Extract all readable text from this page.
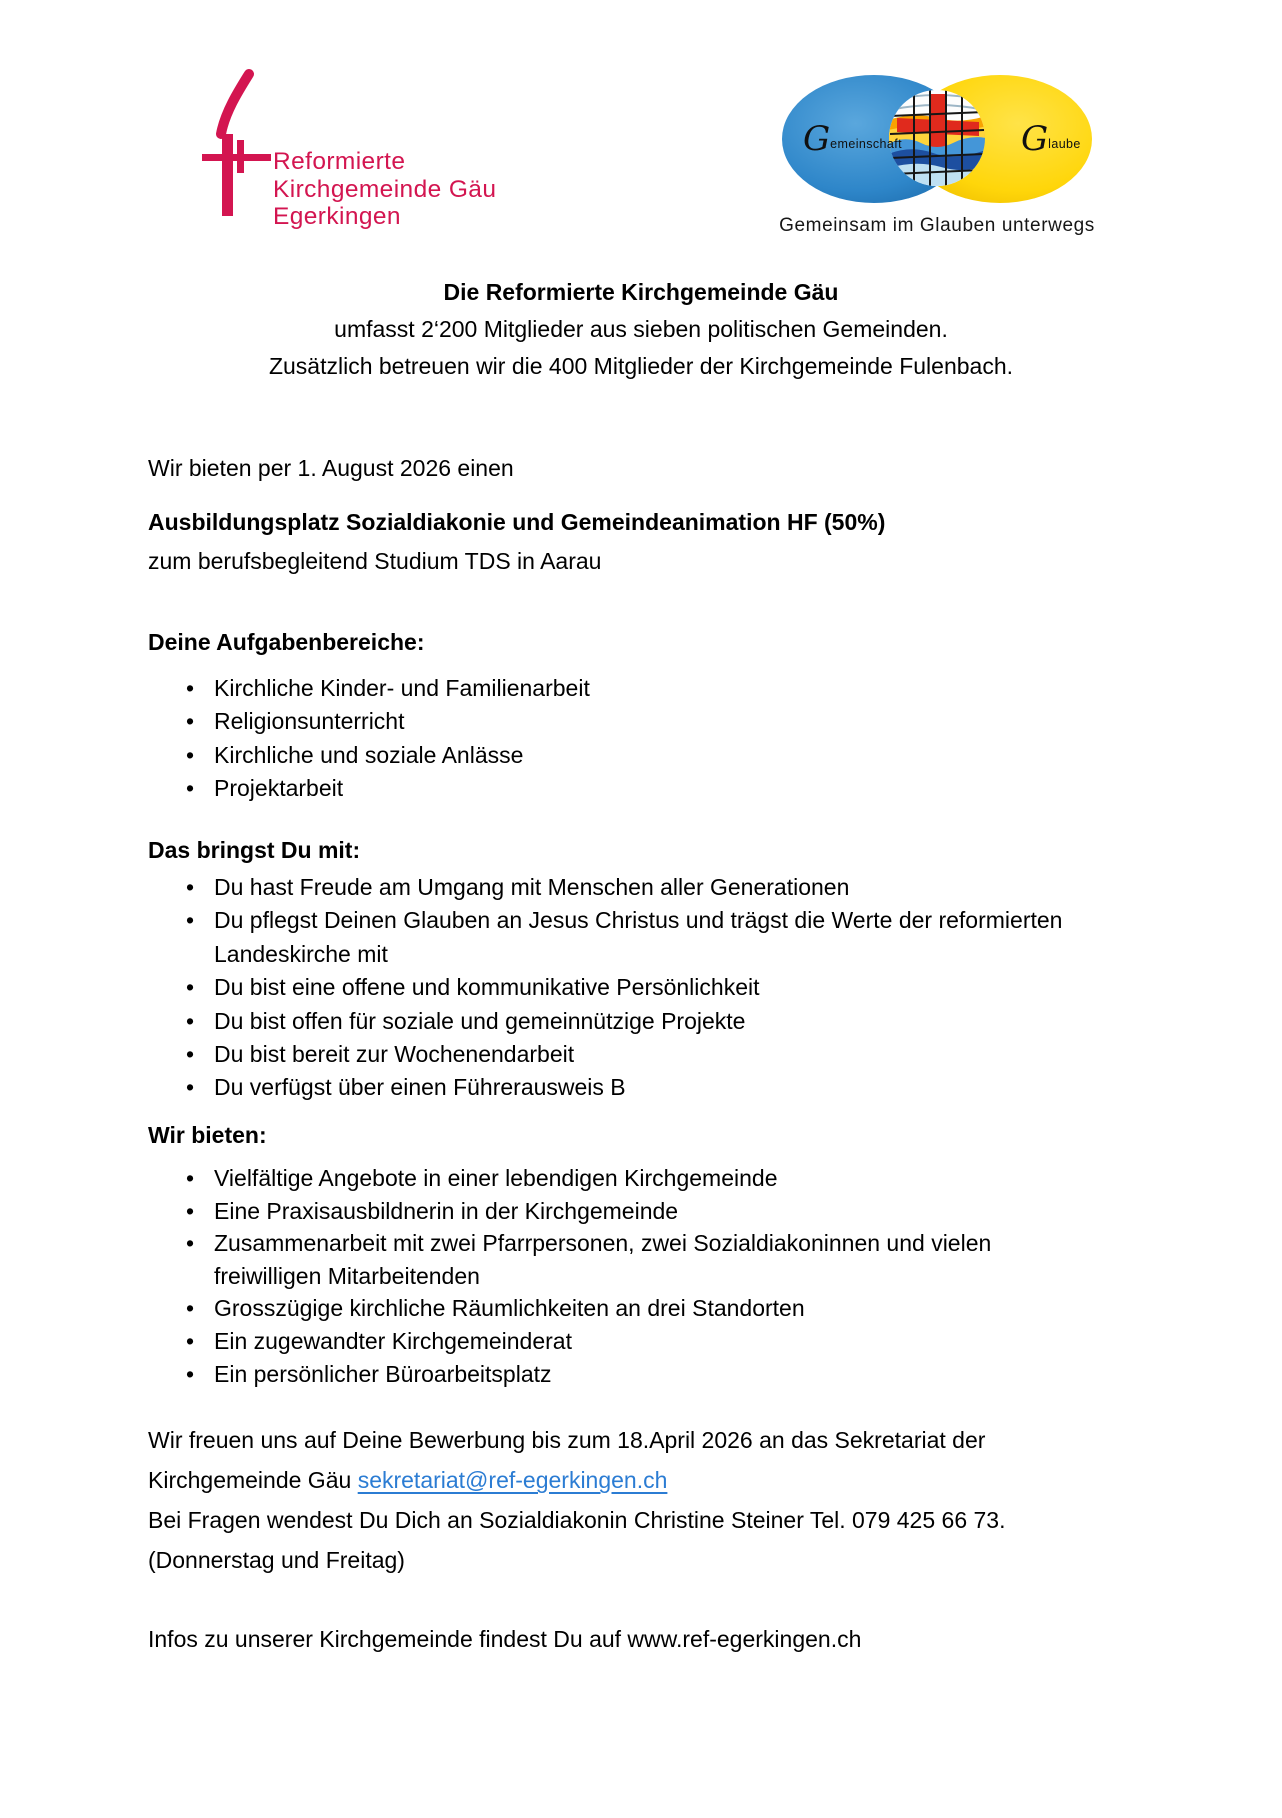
Reformierte
Kirchgemeinde Gäu
Egerkingen
Gemeinschaft	Glaube
Gemeinsam im Glauben unterwegs
Die Reformierte Kirchgemeinde Gäu
umfasst 2‘200 Mitglieder aus sieben politischen Gemeinden.
Zusätzlich betreuen wir die 400 Mitglieder der Kirchgemeinde Fulenbach.
Wir bieten per 1. August 2026 einen
Ausbildungsplatz Sozialdiakonie und Gemeindeanimation HF (50%)
zum berufsbegleitend Studium TDS in Aarau
Deine Aufgabenbereiche:
• Kirchliche Kinder- und Familienarbeit
• Religionsunterricht
• Kirchliche und soziale Anlässe
• Projektarbeit
Das bringst Du mit:
• Du hast Freude am Umgang mit Menschen aller Generationen
• Du pflegst Deinen Glauben an Jesus Christus und trägst die Werte der reformierten Landeskirche mit
• Du bist eine offene und kommunikative Persönlichkeit
• Du bist offen für soziale und gemeinnützige Projekte
• Du bist bereit zur Wochenendarbeit
• Du verfügst über einen Führerausweis B
Wir bieten:
• Vielfältige Angebote in einer lebendigen Kirchgemeinde
• Eine Praxisausbildnerin in der Kirchgemeinde
• Zusammenarbeit mit zwei Pfarrpersonen, zwei Sozialdiakoninnen und vielen freiwilligen Mitarbeitenden
• Grosszügige kirchliche Räumlichkeiten an drei Standorten
• Ein zugewandter Kirchgemeinderat
• Ein persönlicher Büroarbeitsplatz
Wir freuen uns auf Deine Bewerbung bis zum 18.April 2026 an das Sekretariat der
Kirchgemeinde Gäu sekretariat@ref-egerkingen.ch
Bei Fragen wendest Du Dich an Sozialdiakonin Christine Steiner Tel. 079 425 66 73.
(Donnerstag und Freitag)
Infos zu unserer Kirchgemeinde findest Du auf www.ref-egerkingen.ch
